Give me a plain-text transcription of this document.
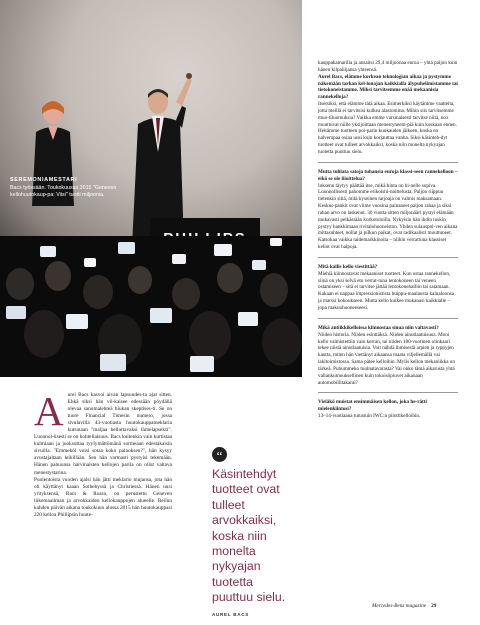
SEREMONIAMESTARI
Bacs työssään. Toukokuussa 2015 "Geneven kellohuutokaup-pa: Viisi" tuotti miljoonia.
A urel Bacs kasvoi aivan lapsuudes-ta ajat sitten. Ehkä siksi hän vil-kaisee edessään pöydällä olevaa sanomalehteä hiukan skeptises-ti. Se on tuore Financial Timesin numero, jossa sivulavilla 43-vuotiasta huutokauppameklaria kutsutaan "maljaa helluttavaksi ihmelapseksi". Luonnol-lisesti se on kohteliaisuus. Bacs kuitenkin vain kurtistaa kulmiaan ja juoksuttaa tyylymättömänä sormeaan edestakaisin sivuilla. "Emmeköi voisi sotaa koko painoksen?", hän kysyy avustajaltaan leikillään. Sen hän varmasti pystyisi tekemään. Hänen pahuunsa harvinaisten kellojen parila on ollut valtava menestystarina.

Puolentoista vuoden ajalsi hän jätti meklario mujansa, jota hän oli käyttänyt kaaan Sothebyssä ja Christiessä. Hänen uusi yrityksensä, Bacs & Russo, on perustettu Geneven liikemaailman ja arvokkaiden kellokauppojen alueelle. Reilun kahden päivän aikana toukokuun alussa 2015 hän huutokauppasi 220 kelloa Phillipsin huute-

“
Käsintehdyt tuotteet ovat tulleet arvokkaiksi, koska niin monelta nykyajan tuotetta puuttuu sielu.
AUREL BACS

kauppakamarilla ja ansaitsi 29,4 miljoonaa euroa – yhtä paljon kuin hänen kilpailijansa yhteensä.

Aurel Bacs, elämme korkean teknologian aikaa ja pystymme näkemään tarkan kel-lonajan kaikkialla älypuhelimistamme tai tietokoneistamme. Miksi tarvitsemme enää mekaanisia rannekelloja?

Itsetsiksi, että elämme tätä aikaa. Esimerkiksi käytämme vaatteita, jotta meillä ei tarvitsisi kulkea alastomina. Mihin siis tarvitsemme muo-tiluomuksia? Vaikka emme varsinaisesti tarvitse niitä, nox muuttuvat niille yksijoittaan menestyneem-piä kuin koskaan ennen. Heitämme tuotteen poi-parin kuukauden jälkeen, koska en halvempaa osiaa uusi kuin korjauttaa vanha. Siksi käsinteh-dyt tuotteet ovat tulleet arvokkaiksi, koska niin monelta nykyajan tuotetta puuttuu sielu.

Mutta tuhlata satoja tuhansia euroja klassi-seen rannekelloon – eikö se ole liioittelua?

Ioksenn täytyy päättää itse, mikä hinta on hi-nelle sopiva. Luonnollisesti pahomme erikoishi-nnittelusta. Paljon riippuu tietenkin siitä, mitä kyseinen tarjoaja on valmis maksamaan. Keskus-pankit ovat viime vuosina painaneet paljon rahaa ja siksi rahan arvo on laskenut. 30 vuotta sitten miljonäärl pystyi elämään mukavasti pelkästään korkotuloilla. Nykyisin hän ihdin tuskin pystyy hankkimaan rivitalohuoneiston. Yhden sulauspol-ven aikana mittasuhteet, nollat ja pilkun paikat, ovat radikaalisti muuttuneet. Katsokaa vaikka taidemarkkinoita – niihin verrattuna klassiset kellot ovat halpoja.

Mitä kallis kello viestittää?

Miehiä kiinnostavat mekaaniset tuotteet. Kun ostaa rannekellon, siinä on yksi selvä etu verrat-tuna lentokoneen tai veneen ostamiseen – sitä ei tarvitse jättää lentokonehalliin tai satamaan. Kakaan ei nappaa impressionistista huippu-maalausta kainaloonsa ja marssi kokoukseen. Mutta kello kulkee mukanasi kaikkialle – jopa makuuhuoneeseesi.

Mikä antiikkikelloissa kiinnostaa sinua niin valtavasti?

Niiden historia. Niiden esinttäksä. Niiden ainutlaatuisuus. Moni kello valmistettiin vain kerran, tai niiden 180-vuotinen olinkaari tekee niistä ainutlaatuisia. Voit nähdä ihmisestä arpien ja ryppyjen kautta, miten hän viettänyt aikaansa maata viljellemällä vai lakitoimistossa. Sama pätee kelloihin. Mylis kellon mekaniikka on tärkeä. Puhummeko tuulnatavarasta? Vai onko tämä aikarusta yhtä vallankumouksellinen kuin tokoisöpiuvet aikanaan automobillitakarai?

Vieläkö muistat ensimmäisen kellon, joka he-rätti mielenkiintosi?

13–14-vuotiaana tutustuin IWC:n pilottikelloihin.

Mercedes-Benz magazine 29
